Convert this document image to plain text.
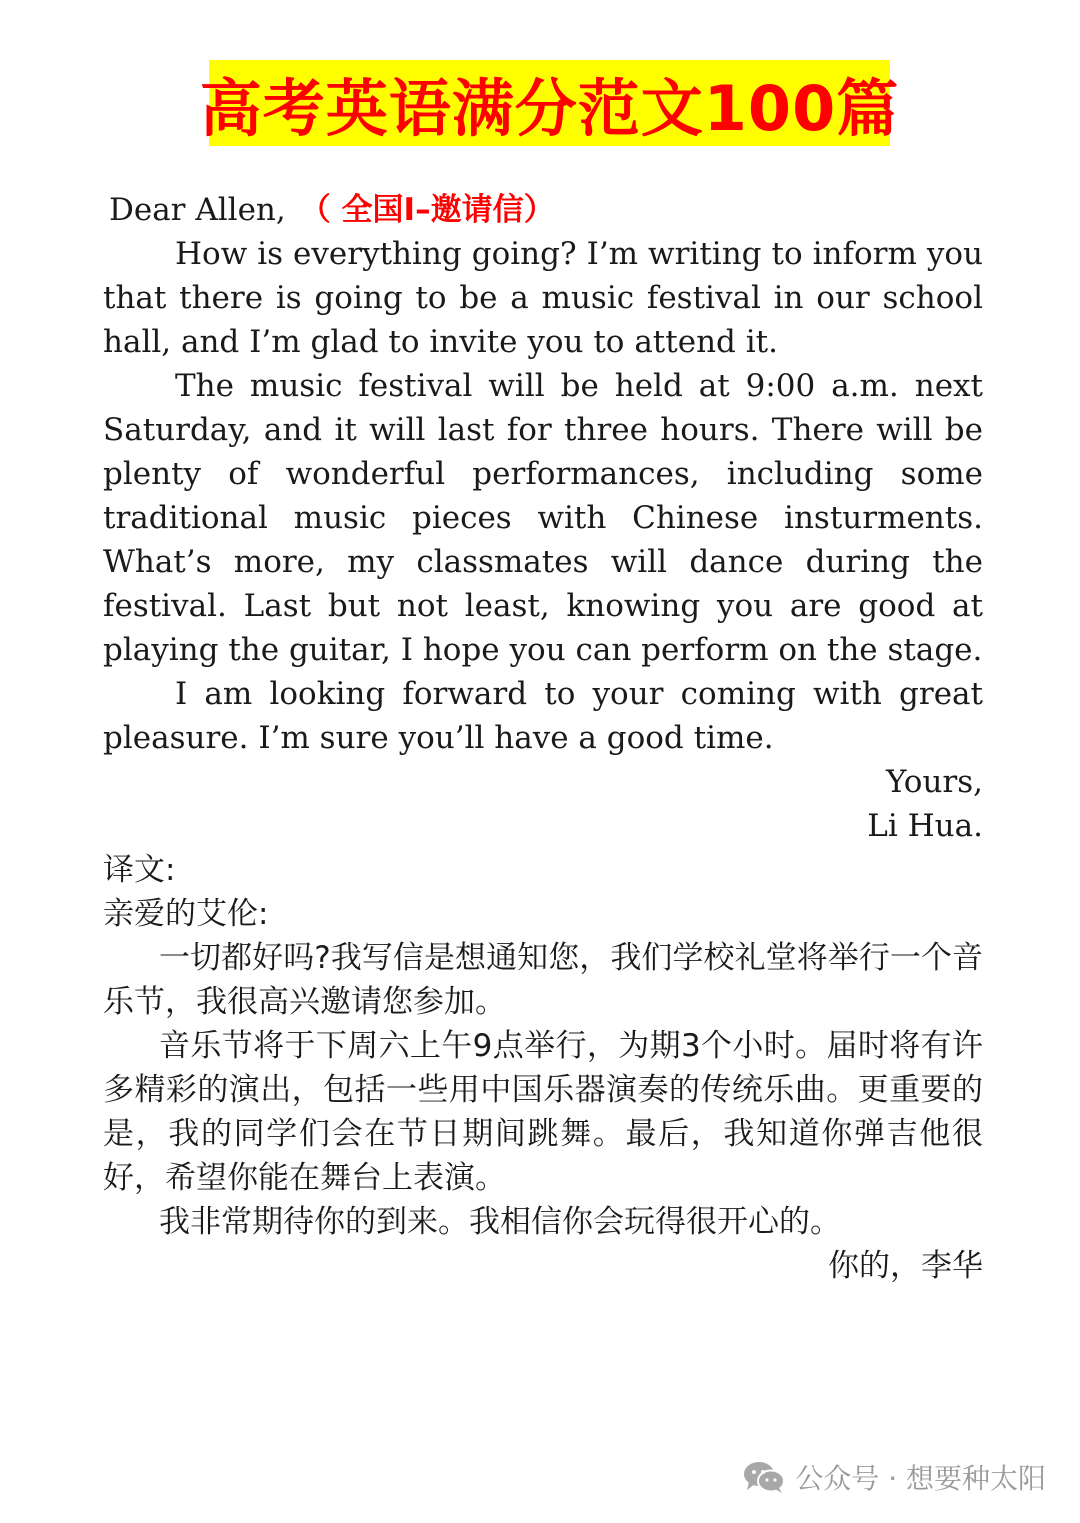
高考英语满分范文100篇

Dear Allen, （ 全国I–邀请信）

How is everything going? I’m writing to inform you that there is going to be a music festival in our school hall, and I’m glad to invite you to attend it.

The music festival will be held at 9:00 a.m. next Saturday, and it will last for three hours. There will be plenty of wonderful performances, including some traditional music pieces with Chinese insturments. What’s more, my classmates will dance during the festival. Last but not least, knowing you are good at playing the guitar, I hope you can perform on the stage.

I am looking forward to your coming with great pleasure. I’m sure you’ll have a good time.

Yours,

Li Hua.

译文:

亲爱的艾伦:

一切都好吗?我写信是想通知您，我们学校礼堂将举行一个音乐节，我很高兴邀请您参加。

音乐节将于下周六上午9点举行，为期3个小时。届时将有许多精彩的演出，包括一些用中国乐器演奏的传统乐曲。更重要的是，我的同学们会在节日期间跳舞。最后，我知道你弹吉他很好，希望你能在舞台上表演。

我非常期待你的到来。我相信你会玩得很开心的。

你的，李华

公众号 · 想要种太阳
